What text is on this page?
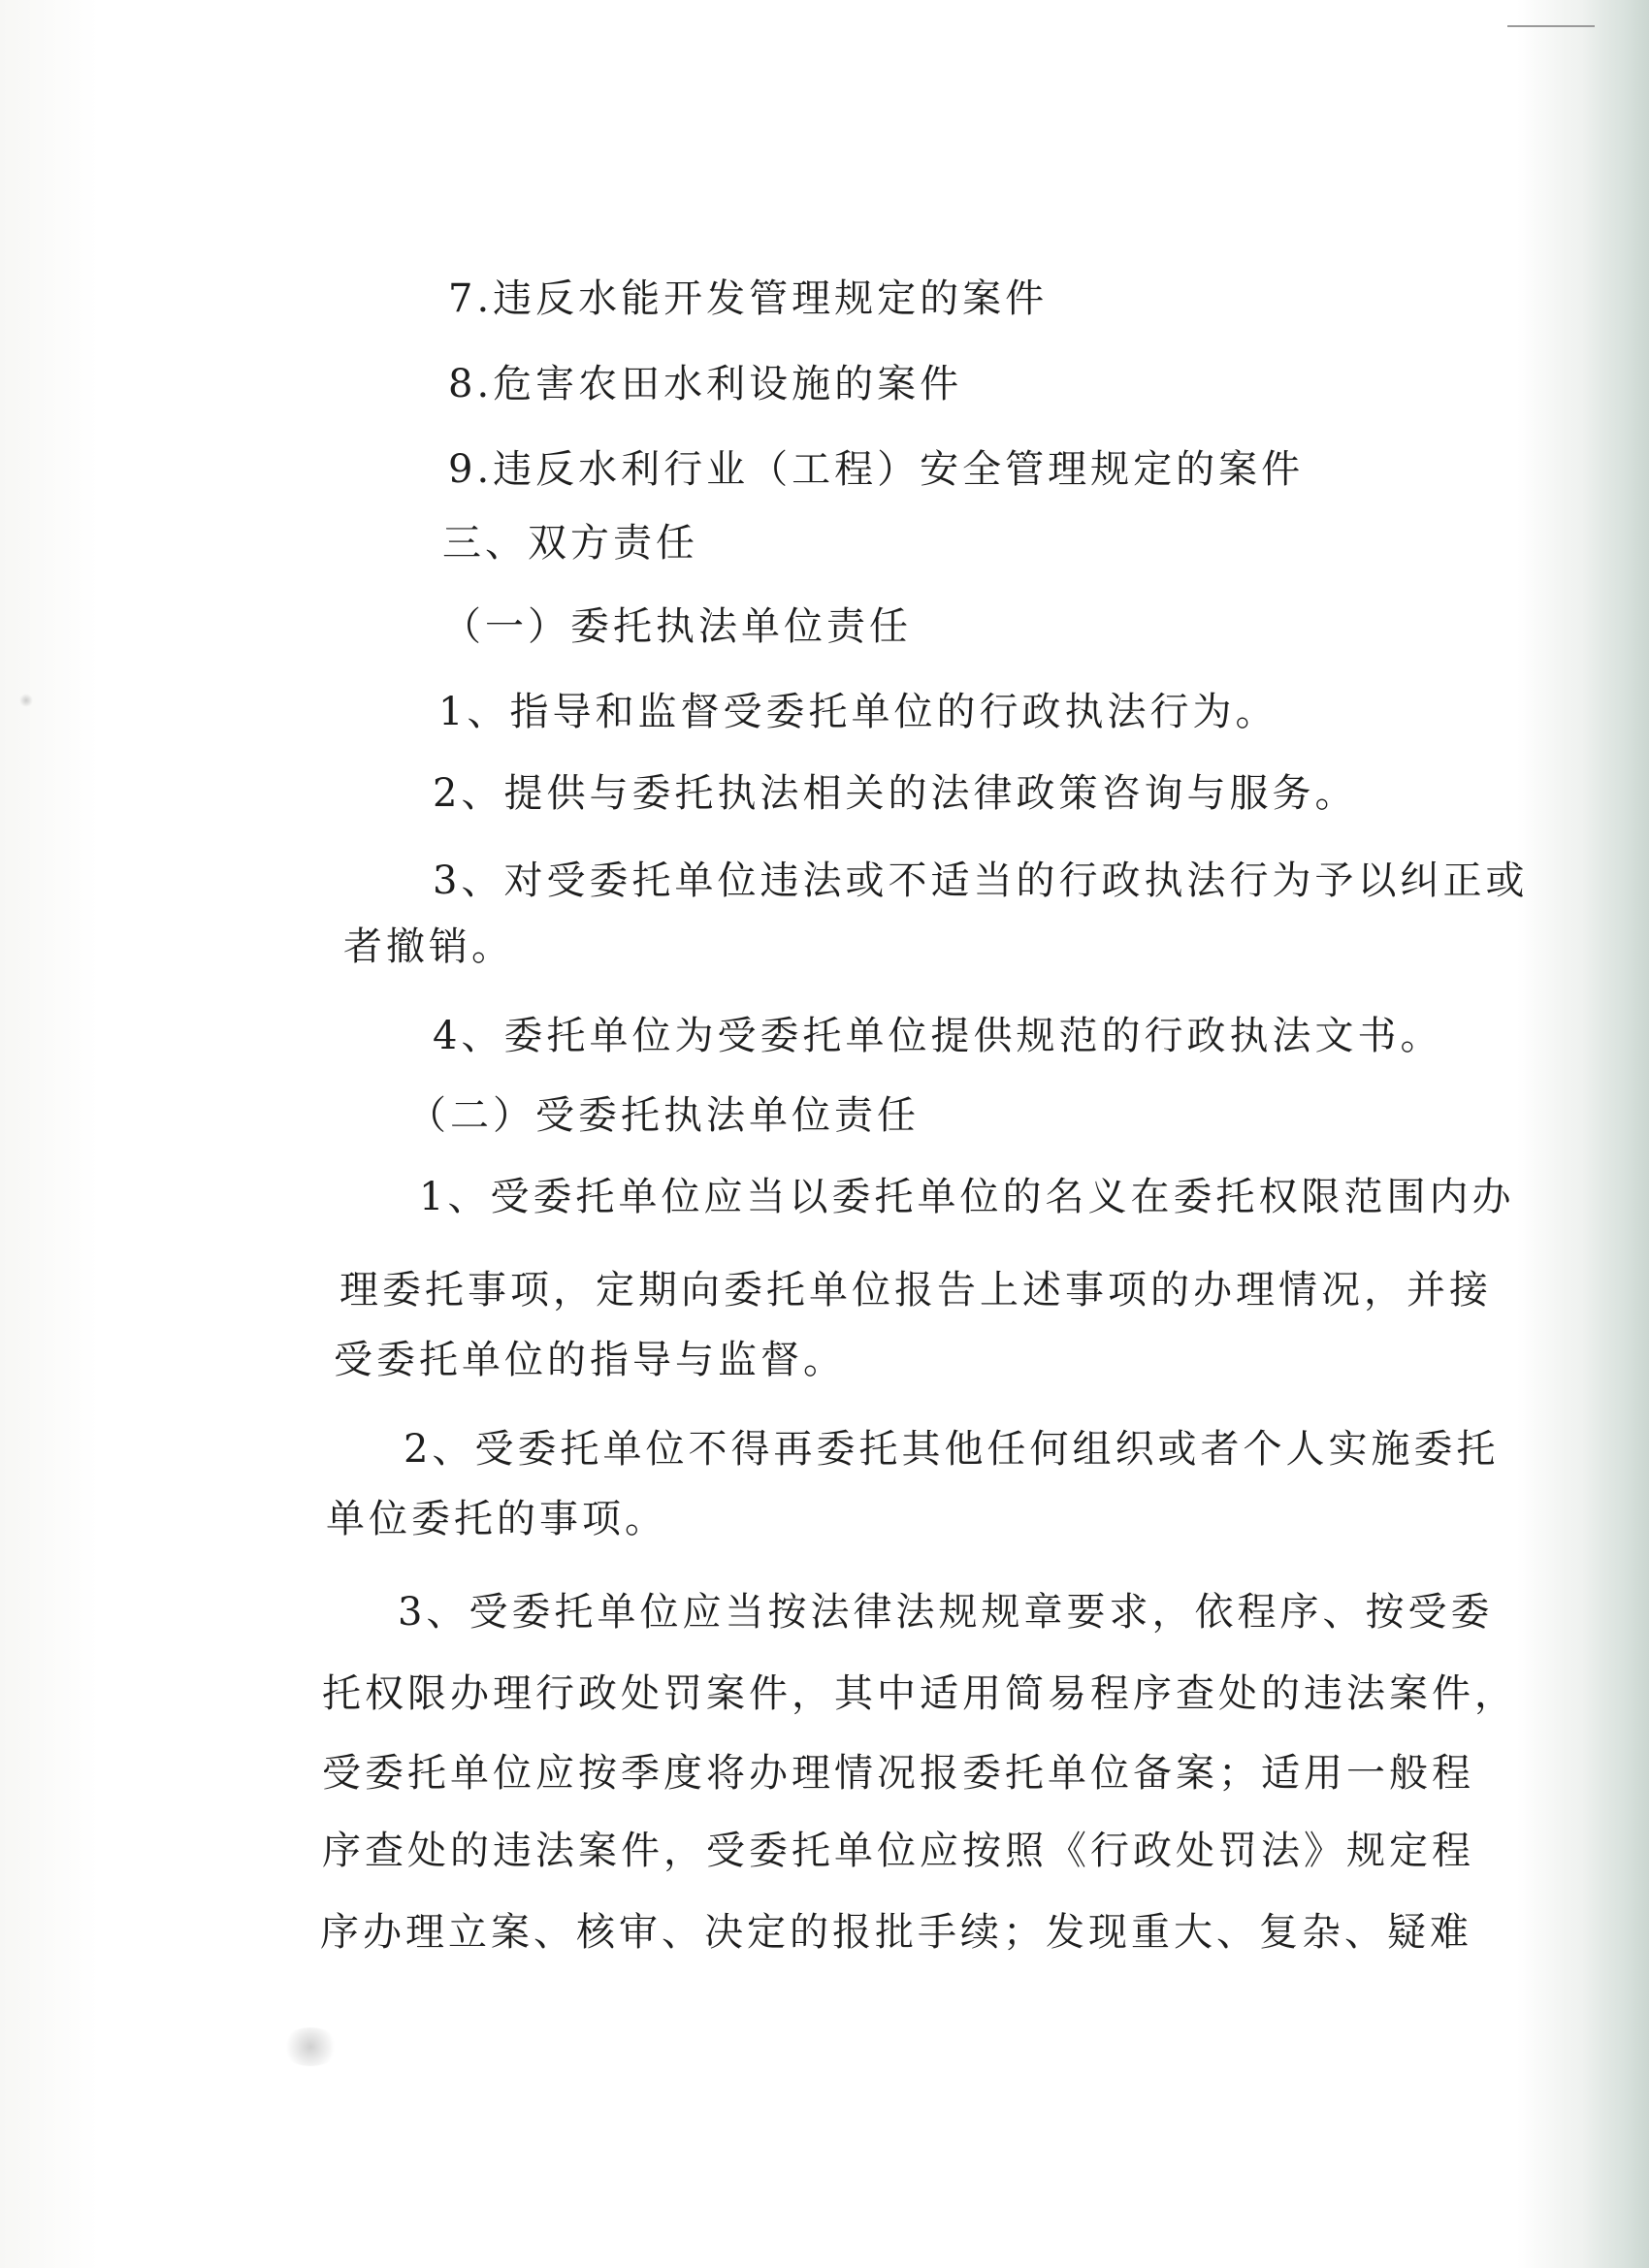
7.违反水能开发管理规定的案件

8.危害农田水利设施的案件

9.违反水利行业（工程）安全管理规定的案件

三、双方责任

（一）委托执法单位责任

1、指导和监督受委托单位的行政执法行为。

2、提供与委托执法相关的法律政策咨询与服务。

3、对受委托单位违法或不适当的行政执法行为予以纠正或

者撤销。

4、委托单位为受委托单位提供规范的行政执法文书。

（二）受委托执法单位责任

1、受委托单位应当以委托单位的名义在委托权限范围内办

理委托事项，定期向委托单位报告上述事项的办理情况，并接

受委托单位的指导与监督。

2、受委托单位不得再委托其他任何组织或者个人实施委托

单位委托的事项。

3、受委托单位应当按法律法规规章要求，依程序、按受委

托权限办理行政处罚案件，其中适用简易程序查处的违法案件，

受委托单位应按季度将办理情况报委托单位备案；适用一般程

序查处的违法案件，受委托单位应按照《行政处罚法》规定程

序办理立案、核审、决定的报批手续；发现重大、复杂、疑难
